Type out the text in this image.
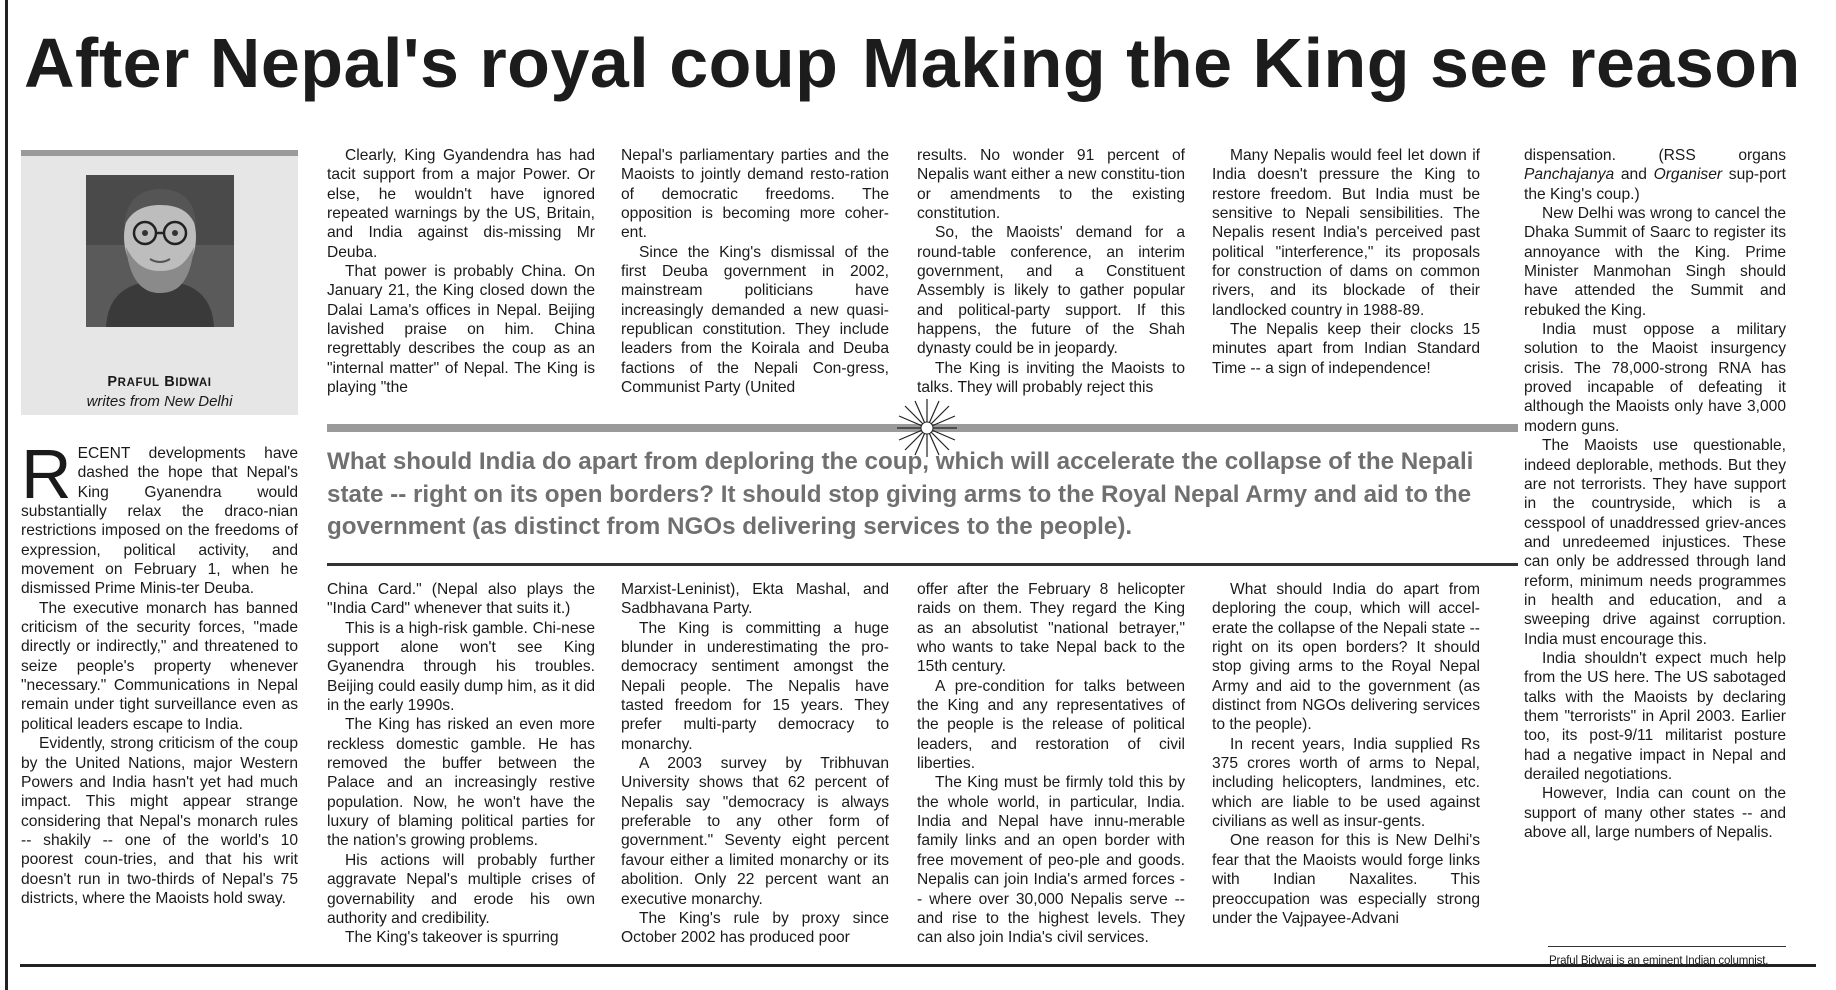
After Nepal's royal coup Making the King see reason
PRAFUL BIDWAI
writes from New Delhi

RECENT developments have dashed the hope that Nepal's King Gyanendra would substantially relax the draco-nian restrictions imposed on the freedoms of expression, political activity, and movement on February 1, when he dismissed Prime Minis-ter Deuba.

The executive monarch has banned criticism of the security forces, "made directly or indirectly," and threatened to seize people's property whenever "necessary." Communications in Nepal remain under tight surveillance even as political leaders escape to India.

Evidently, strong criticism of the coup by the United Nations, major Western Powers and India hasn't yet had much impact. This might appear strange considering that Nepal's monarch rules -- shakily -- one of the world's 10 poorest coun-tries, and that his writ doesn't run in two-thirds of Nepal's 75 districts, where the Maoists hold sway.

Clearly, King Gyandendra has had tacit support from a major Power. Or else, he wouldn't have ignored repeated warnings by the US, Britain, and India against dis-missing Mr Deuba.

That power is probably China. On January 21, the King closed down the Dalai Lama's offices in Nepal. Beijing lavished praise on him. China regrettably describes the coup as an "internal matter" of Nepal. The King is playing "the

Nepal's parliamentary parties and the Maoists to jointly demand resto-ration of democratic freedoms. The opposition is becoming more coher-ent.

Since the King's dismissal of the first Deuba government in 2002, mainstream politicians have increasingly demanded a new quasi-republican constitution. They include leaders from the Koirala and Deuba factions of the Nepali Con-gress, Communist Party (United

results. No wonder 91 percent of Nepalis want either a new constitu-tion or amendments to the existing constitution.

So, the Maoists' demand for a round-table conference, an interim government, and a Constituent Assembly is likely to gather popular and political-party support. If this happens, the future of the Shah dynasty could be in jeopardy.

The King is inviting the Maoists to talks. They will probably reject this

Many Nepalis would feel let down if India doesn't pressure the King to restore freedom. But India must be sensitive to Nepali sensibilities. The Nepalis resent India's perceived past political "interference," its proposals for construction of dams on common rivers, and its blockade of their landlocked country in 1988-89.

The Nepalis keep their clocks 15 minutes apart from Indian Standard Time -- a sign of independence!

What should India do apart from deploring the coup, which will accelerate the collapse of the Nepali state -- right on its open borders? It should stop giving arms to the Royal Nepal Army and aid to the government (as distinct from NGOs delivering services to the people).

China Card." (Nepal also plays the "India Card" whenever that suits it.)

This is a high-risk gamble. Chi-nese support alone won't see King Gyanendra through his troubles. Beijing could easily dump him, as it did in the early 1990s.

The King has risked an even more reckless domestic gamble. He has removed the buffer between the Palace and an increasingly restive population. Now, he won't have the luxury of blaming political parties for the nation's growing problems.

His actions will probably further aggravate Nepal's multiple crises of governability and erode his own authority and credibility.

The King's takeover is spurring

Marxist-Leninist), Ekta Mashal, and Sadbhavana Party.

The King is committing a huge blunder in underestimating the pro-democracy sentiment amongst the Nepali people. The Nepalis have tasted freedom for 15 years. They prefer multi-party democracy to monarchy.

A 2003 survey by Tribhuvan University shows that 62 percent of Nepalis say "democracy is always preferable to any other form of government." Seventy eight percent favour either a limited monarchy or its abolition. Only 22 percent want an executive monarchy.

The King's rule by proxy since October 2002 has produced poor

offer after the February 8 helicopter raids on them. They regard the King as an absolutist "national betrayer," who wants to take Nepal back to the 15th century.

A pre-condition for talks between the King and any representatives of the people is the release of political leaders, and restoration of civil liberties.

The King must be firmly told this by the whole world, in particular, India. India and Nepal have innu-merable family links and an open border with free movement of peo-ple and goods. Nepalis can join India's armed forces -- where over 30,000 Nepalis serve -- and rise to the highest levels. They can also join India's civil services.

What should India do apart from deploring the coup, which will accel-erate the collapse of the Nepali state -- right on its open borders? It should stop giving arms to the Royal Nepal Army and aid to the government (as distinct from NGOs delivering services to the people).

In recent years, India supplied Rs 375 crores worth of arms to Nepal, including helicopters, landmines, etc. which are liable to be used against civilians as well as insur-gents.

One reason for this is New Delhi's fear that the Maoists would forge links with Indian Naxalites. This preoccupation was especially strong under the Vajpayee-Advani

dispensation. (RSS organs Panchajanya and Organiser sup-port the King's coup.)

New Delhi was wrong to cancel the Dhaka Summit of Saarc to register its annoyance with the King. Prime Minister Manmohan Singh should have attended the Summit and rebuked the King.

India must oppose a military solution to the Maoist insurgency crisis. The 78,000-strong RNA has proved incapable of defeating it although the Maoists only have 3,000 modern guns.

The Maoists use questionable, indeed deplorable, methods. But they are not terrorists. They have support in the countryside, which is a cesspool of unaddressed griev-ances and unredeemed injustices. These can only be addressed through land reform, minimum needs programmes in health and education, and a sweeping drive against corruption. India must encourage this.

India shouldn't expect much help from the US here. The US sabotaged talks with the Maoists by declaring them "terrorists" in April 2003. Earlier too, its post-9/11 militarist posture had a negative impact in Nepal and derailed negotiations.

However, India can count on the support of many other states -- and above all, large numbers of Nepalis.

Praful Bidwai is an eminent Indian columnist.
